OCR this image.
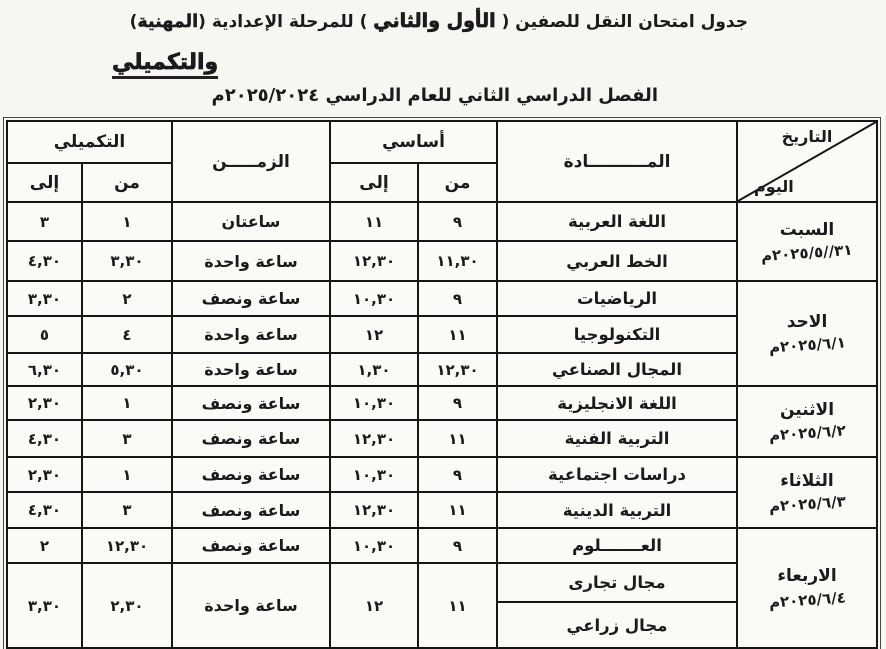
جدول امتحان النقل للصفين ( الأول والثاني ) للمرحلة الإعدادية (المهنية)
والتكميلي
الفصل الدراسي الثاني للعام الدراسي ٢٠٢٤‏/‏٢٠٢٥م
التاريخ
اليوم	المــــــــــادة	أساسي		الزمـــــن	التكميلي	
		من	إلى		من	إلى

السبت
٣١‏//‏٥‏/‏٢٠٢٥م	اللغة العربية	٩	١١	ساعتان	١	٣
	الخط العربي	١١,٣٠	١٢,٣٠	ساعة واحدة	٣,٣٠	٤,٣٠

الاحد
١‏/‏٦‏/‏٢٠٢٥م	الرياضيات	٩	١٠,٣٠	ساعة ونصف	٢	٣,٣٠
	التكنولوجيا	١١	١٢	ساعة واحدة	٤	٥
	المجال الصناعي	١٢,٣٠	١,٣٠	ساعة واحدة	٥,٣٠	٦,٣٠

الاثنين
٢‏/‏٦‏/‏٢٠٢٥م	اللغة الانجليزية	٩	١٠,٣٠	ساعة ونصف	١	٢,٣٠
	التربية الفنية	١١	١٢,٣٠	ساعة ونصف	٣	٤,٣٠

الثلاثاء
٣‏/‏٦‏/‏٢٠٢٥م	دراسات اجتماعية	٩	١٠,٣٠	ساعة ونصف	١	٢,٣٠
	التربية الدينية	١١	١٢,٣٠	ساعة ونصف	٣	٤,٣٠

الاربعاء
٤‏/‏٦‏/‏٢٠٢٥م	العـــــــلوم	٩	١٠,٣٠	ساعة ونصف	١٢,٣٠	٢
	مجال تجارى	١١	١٢	ساعة واحدة	٢,٣٠	٣,٣٠
	مجال زراعي					
